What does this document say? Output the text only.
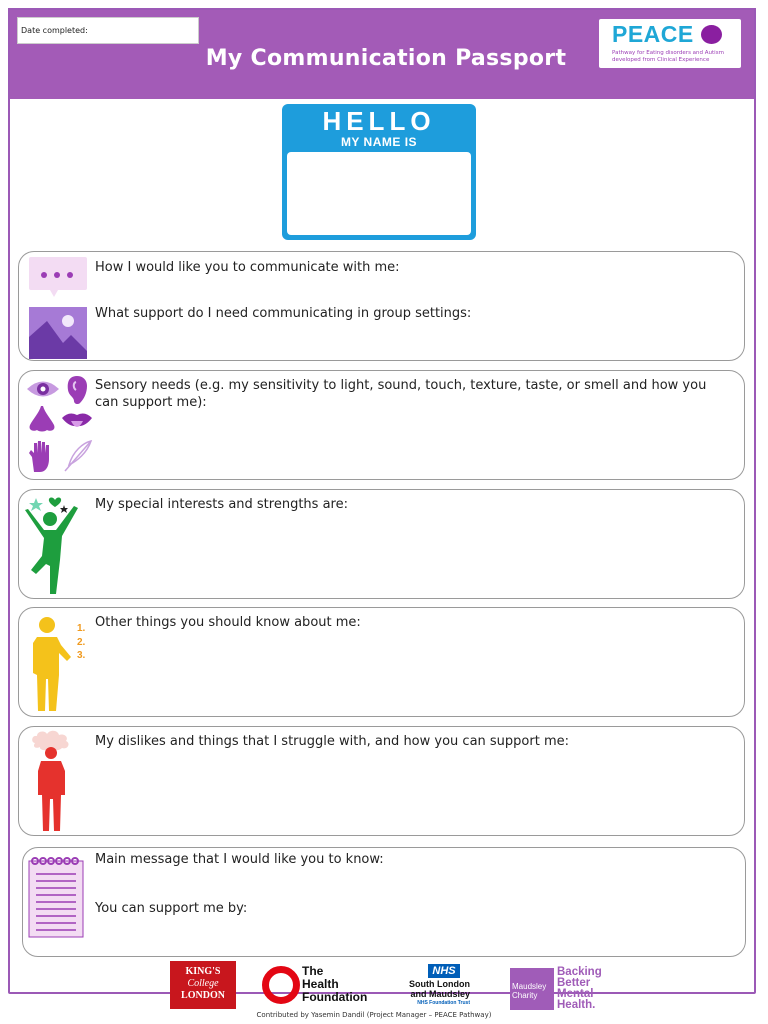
Date completed:
My Communication Passport
PEACE
Pathway for Eating disorders and Autism developed from Clinical Experience
HELLO
MY NAME IS
How I would like you to communicate with me:
What support do I need communicating in group settings:
Sensory needs (e.g. my sensitivity to light, sound, touch, texture, taste, or smell and how you can support me):
My special interests and strengths are:
1.
2.
3.
Other things you should know about me:
My dislikes and things that I struggle with, and how you can support me:
Main message that I would like you to know:
You can support me by:
KING'S
College
LONDON
The
Health
Foundation
NHS
South London
and Maudsley
NHS Foundation Trust
Maudsley
Charity
Backing
Better
Mental
Health.
Contributed by Yasemin Dandil (Project Manager – PEACE Pathway)
